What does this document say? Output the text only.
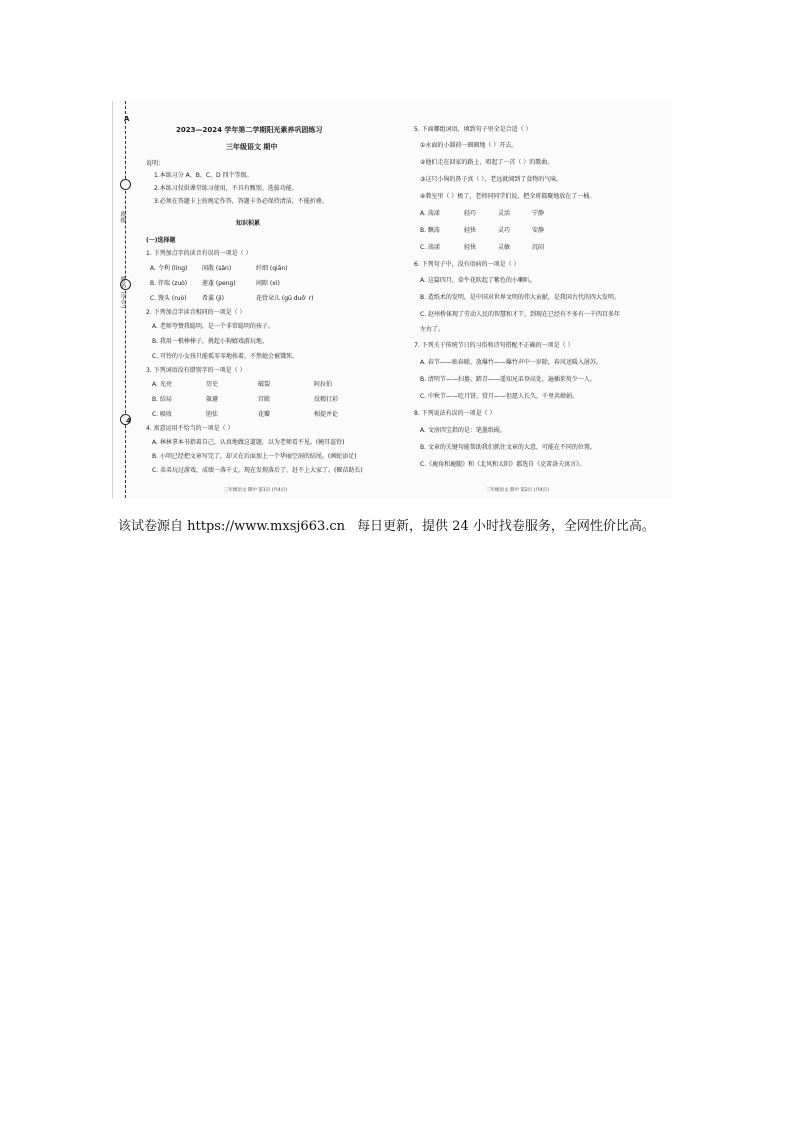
A
4
班级
姓名（学号）
2023—2024 学年第二学期阳光素养巩固练习
三年级语文 期中
说明：
1.本练习分 A、B、C、D 四个等级。
2.本练习仅供课堂练习使用，不具有甄别、选拔功能。
3.必须在答题卡上按规定作答，答题卡务必保持清洁，不能折叠。
知识积累
(一)选择题
1. 下列加点字的读音有误的一项是（ ）
A. 令利 (lìng) 闲散 (sǎn)	纤细 (qiān)
B. 伴瑞 (zuò) 莲蓬 (peng)	间隙 (xì)
C. 馒头 (ruò)	希翼 (jì)	花骨朵儿 (gū duǒ' r)
2. 下列加点字读音相同的一项是（ ）
A. 老师夸赞我聪明，是一个非常聪明的孩子。
B. 我用一根棒棒子，挑起小狗嬉戏游玩地。
C. 可怜的小女孩只能孤零零地挨着，不然她会被饿死。
3. 下列词语没有错别字的一项是（ ）
A. 光亮	历史	破裂	阿拉伯
B. 结局	躲避	宫殿	没精打彩
C. 吸收	胆怯	花瓣	相提并论
4. 寓意运用不恰当的一项是（ ）
A. 林林拿本书指着自己，认真地做这道题，以为老师看不见。(掩耳盗铃)
B. 小明已经把文章写完了，却又在后面加上一个华丽空洞的结尾。(画蛇添足)
C. 弟弟玩过游戏，成绩一落千丈，现在发现落后了，赶不上大家了。(揠苗助长)
三年级语文 期中 第1页 (共4页)
5. 下面哪组词语，填到句子里全是合适（ ）
①永面的小圆荷一圈圈地（ ）开去。
②他们走在回家的路上，唱起了一首（ ）的歌曲。
③这只小狗的鼻子真（ ），老远就闻到了食物的气味。
④教室里（ ）极了，老师同同学们说，把全班都聚地放在了一桶。
A. 荡漾	轻巧	灵活	宁静
B. 飘荡	轻快	灵巧	安静
C. 荡漾	轻快	灵敏	沉闷
6. 下列句子中，没有语病的一项是（ ）
A. 这篇四月，牵牛花吹起了紫色的小喇叭。
B. 造纸术的发明，是中国对世界文明的伟大贡献，是我国古代的四大发明。
C. 赵州桥体现了劳动人民的智慧和才干，到现在已经有不多有一千四百多年
左右了。
7. 下列关于传统节日的习俗和诗句搭配不正确的一项是（ ）
A. 春节——贴春联、放爆竹——爆竹声中一岁除，春风送暖入屠苏。
B. 清明节——扫墓、踏青——遥知兄弟登高处，遍插茱萸少一人。
C. 中秋节——吃月饼、赏月——但愿人长久，千里共婵娟。
8. 下列说法有误的一项是（ ）
A. 文房四宝指的是：笔墨纸砚。
B. 文章的关键句能帮助我们抓住文章的大意，可能在不同的位置。
C.《鹿角和鹿腿》和《北风和太阳》都选自《克雷洛夫寓言》。
三年级语文 期中 第2页 (共4页)
该试卷源自 https://www.mxsj663.cn 每日更新，提供 24 小时找卷服务，全网性价比高。
